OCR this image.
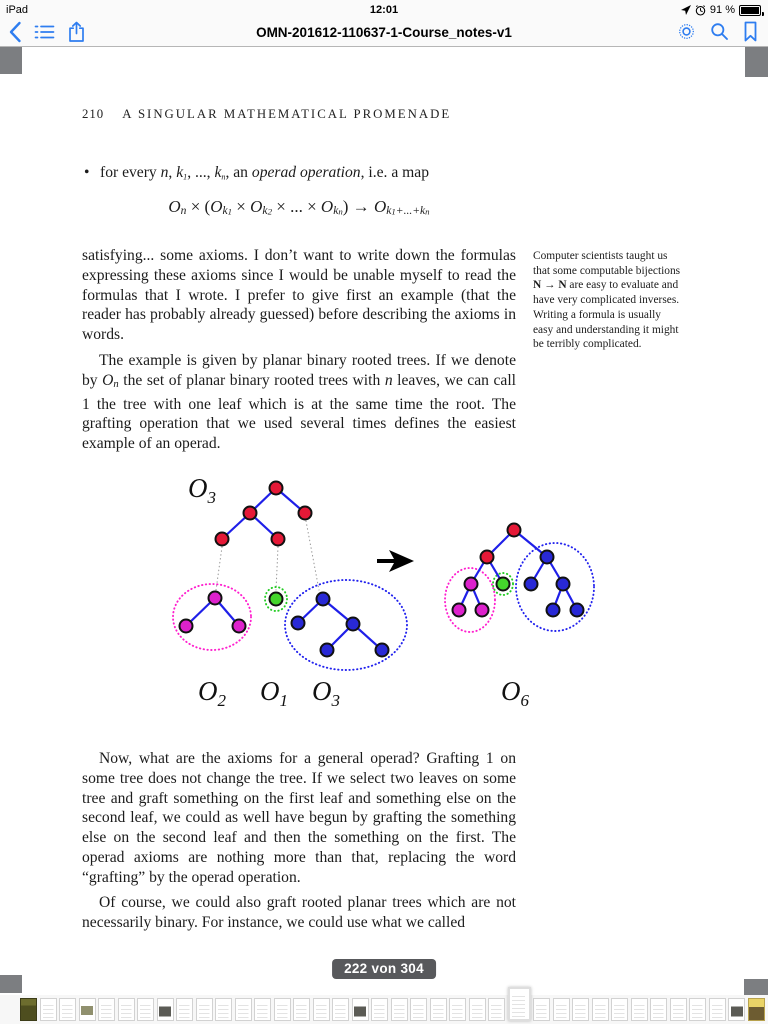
iPad	12:01	91 %
OMN-201612-110637-1-Course_notes-v1
210 A SINGULAR MATHEMATICAL PROMENADE
• for every n, k1, ..., kn, an operad operation, i.e. a map
On × (Ok1 × Ok2 × ... × Okn) → Ok1+...+kn
satisfying... some axioms. I don’t want to write down the formulas expressing these axioms since I would be unable myself to read the formulas that I wrote. I prefer to give first an example (that the reader has probably already guessed) before describing the axioms in words.
Computer scientists taught us that some computable bijections N → N are easy to evaluate and have very complicated inverses. Writing a formula is usually easy and understanding it might be terribly complicated.
The example is given by planar binary rooted trees. If we denote by On the set of planar binary rooted trees with n leaves, we can call 1 the tree with one leaf which is at the same time the root. The grafting operation that we used several times defines the easiest example of an operad.
$O_3$
$O_2$ $O_1$ $O_3$	$O_6$
Now, what are the axioms for a general operad? Grafting 1 on some tree does not change the tree. If we select two leaves on some tree and graft something on the first leaf and something else on the second leaf, we could as well have begun by grafting the something else on the second leaf and then the something on the first. The operad axioms are nothing more than that, replacing the word “grafting” by the operad operation.
Of course, we could also graft rooted planar trees which are not necessarily binary. For instance, we could use what we called
222 von 304
